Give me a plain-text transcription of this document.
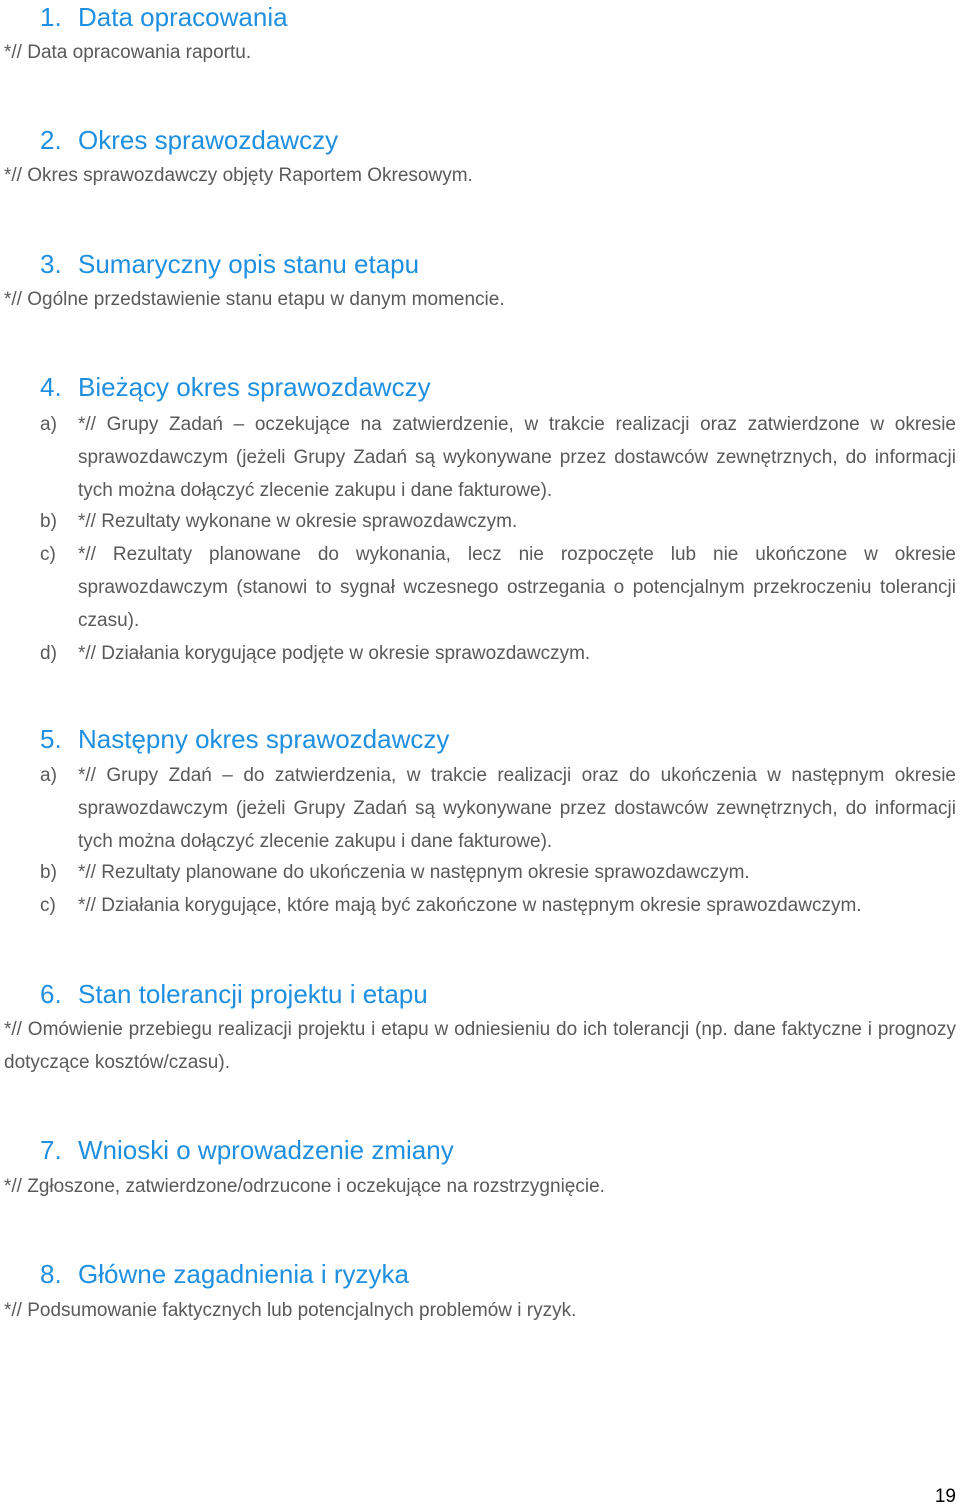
1. Data opracowania
*// Data opracowania raportu.
2. Okres sprawozdawczy
*// Okres sprawozdawczy objęty Raportem Okresowym.
3. Sumaryczny opis stanu etapu
*// Ogólne przedstawienie stanu etapu w danym momencie.
4. Bieżący okres sprawozdawczy
a)	*// Grupy Zadań – oczekujące na zatwierdzenie, w trakcie realizacji oraz zatwierdzone w okresie sprawozdawczym (jeżeli Grupy Zadań są wykonywane przez dostawców zewnętrznych, do informacji tych można dołączyć zlecenie zakupu i dane fakturowe).
b)	*// Rezultaty wykonane w okresie sprawozdawczym.
c)	*// Rezultaty planowane do wykonania, lecz nie rozpoczęte lub nie ukończone w okresie sprawozdawczym (stanowi to sygnał wczesnego ostrzegania o potencjalnym przekroczeniu tolerancji czasu).
d)	*// Działania korygujące podjęte w okresie sprawozdawczym.
5. Następny okres sprawozdawczy
a)	*// Grupy Zdań – do zatwierdzenia, w trakcie realizacji oraz do ukończenia w następnym okresie sprawozdawczym (jeżeli Grupy Zadań są wykonywane przez dostawców zewnętrznych, do informacji tych można dołączyć zlecenie zakupu i dane fakturowe).
b)	*// Rezultaty planowane do ukończenia w następnym okresie sprawozdawczym.
c)	*// Działania korygujące, które mają być zakończone w następnym okresie sprawozdawczym.
6. Stan tolerancji projektu i etapu
*// Omówienie przebiegu realizacji projektu i etapu w odniesieniu do ich tolerancji (np. dane faktyczne i prognozy dotyczące kosztów/czasu).
7. Wnioski o wprowadzenie zmiany
*// Zgłoszone, zatwierdzone/odrzucone i oczekujące na rozstrzygnięcie.
8. Główne zagadnienia i ryzyka
*// Podsumowanie faktycznych lub potencjalnych problemów i ryzyk.
19
